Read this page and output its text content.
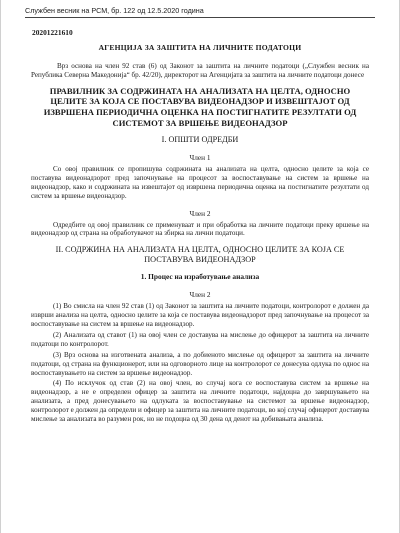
Службен весник на РСМ, бр. 122 од 12.5.2020 година
20201221610
АГЕНЦИЈА ЗА ЗАШТИТА НА ЛИЧНИТЕ ПОДАТОЦИ

Врз основа на член 92 став (6) од Законот за заштита на личните податоци („Службен весник на Република Северна Македонија“ бр. 42/20), директорот на Агенцијата за заштита на личните податоци донесе

ПРАВИЛНИК ЗА СОДРЖИНАТА НА АНАЛИЗАТА НА ЦЕЛТА, ОДНОСНО ЦЕЛИТЕ ЗА КОЈА СЕ ПОСТАВУВА ВИДЕОНАДЗОР И ИЗВЕШТАЈОТ ОД ИЗВРШЕНА ПЕРИОДИЧНА ОЦЕНКА НА ПОСТИГНАТИТЕ РЕЗУЛТАТИ ОД СИСТЕМОТ ЗА ВРШЕЊЕ ВИДЕОНАДЗОР
I. ОПШТИ ОДРЕДБИ
Член 1

Со овој правилник се пропишува содржината на анализата на целта, односно целите за која се поставува видеонадзорот пред започнување на процесот за воспоставување на систем за вршење на видеонадзор, како и содржината на извештајот од извршена периодична оценка на постигнатите резултати од систем за вршење видеонадзор.

Член 2

Одредбите од овој правилник се применуваат и при обработка на личните податоци преку вршење на видеонадзор од страна на обработувачот на збирка на лични податоци.

II. СОДРЖИНА НА АНАЛИЗАТА НА ЦЕЛТА, ОДНОСНО ЦЕЛИТЕ ЗА КОЈА СЕ ПОСТАВУВА ВИДЕОНАДЗОР
1. Процес на изработување анализа
Член 2

(1) Во смисла на член 92 став (1) од Законот за заштита на личните податоци, контролорот е должен да изврши анализа на целта, односно целите за која се поставува видеонадзорот пред започнување на процесот за воспоставување на систем за вршење на видеонадзор.

(2) Анализата од ставот (1) на овој член се доставува на мислење до офицерот за заштита на личните податоци по контролорот.

(3) Врз основа на изготвената анализа, а по добиеното мислење од офицерот за заштита на личните податоци, од страна на функционерот, или на одговорното лице на контролорот се донесува одлука по однос на воспоставувањето на систем за вршење видеонадзор.

(4) По исклучок од став (2) на овој член, во случај кога се воспоставува систем за вршење на видеонадзор, а не е определен офицер за заштита на личните податоци, најдоцна до завршувањето на анализата, а пред донесувањето на одлуката за воспоставување на системот за вршење видеонадзор, контролорот е должен да определи и офицер за заштита на личните податоци, во кој случај офицерот доставува мислење за анализата во разумен рок, но не подоцна од 30 дена од денот на добивањата анализа.
